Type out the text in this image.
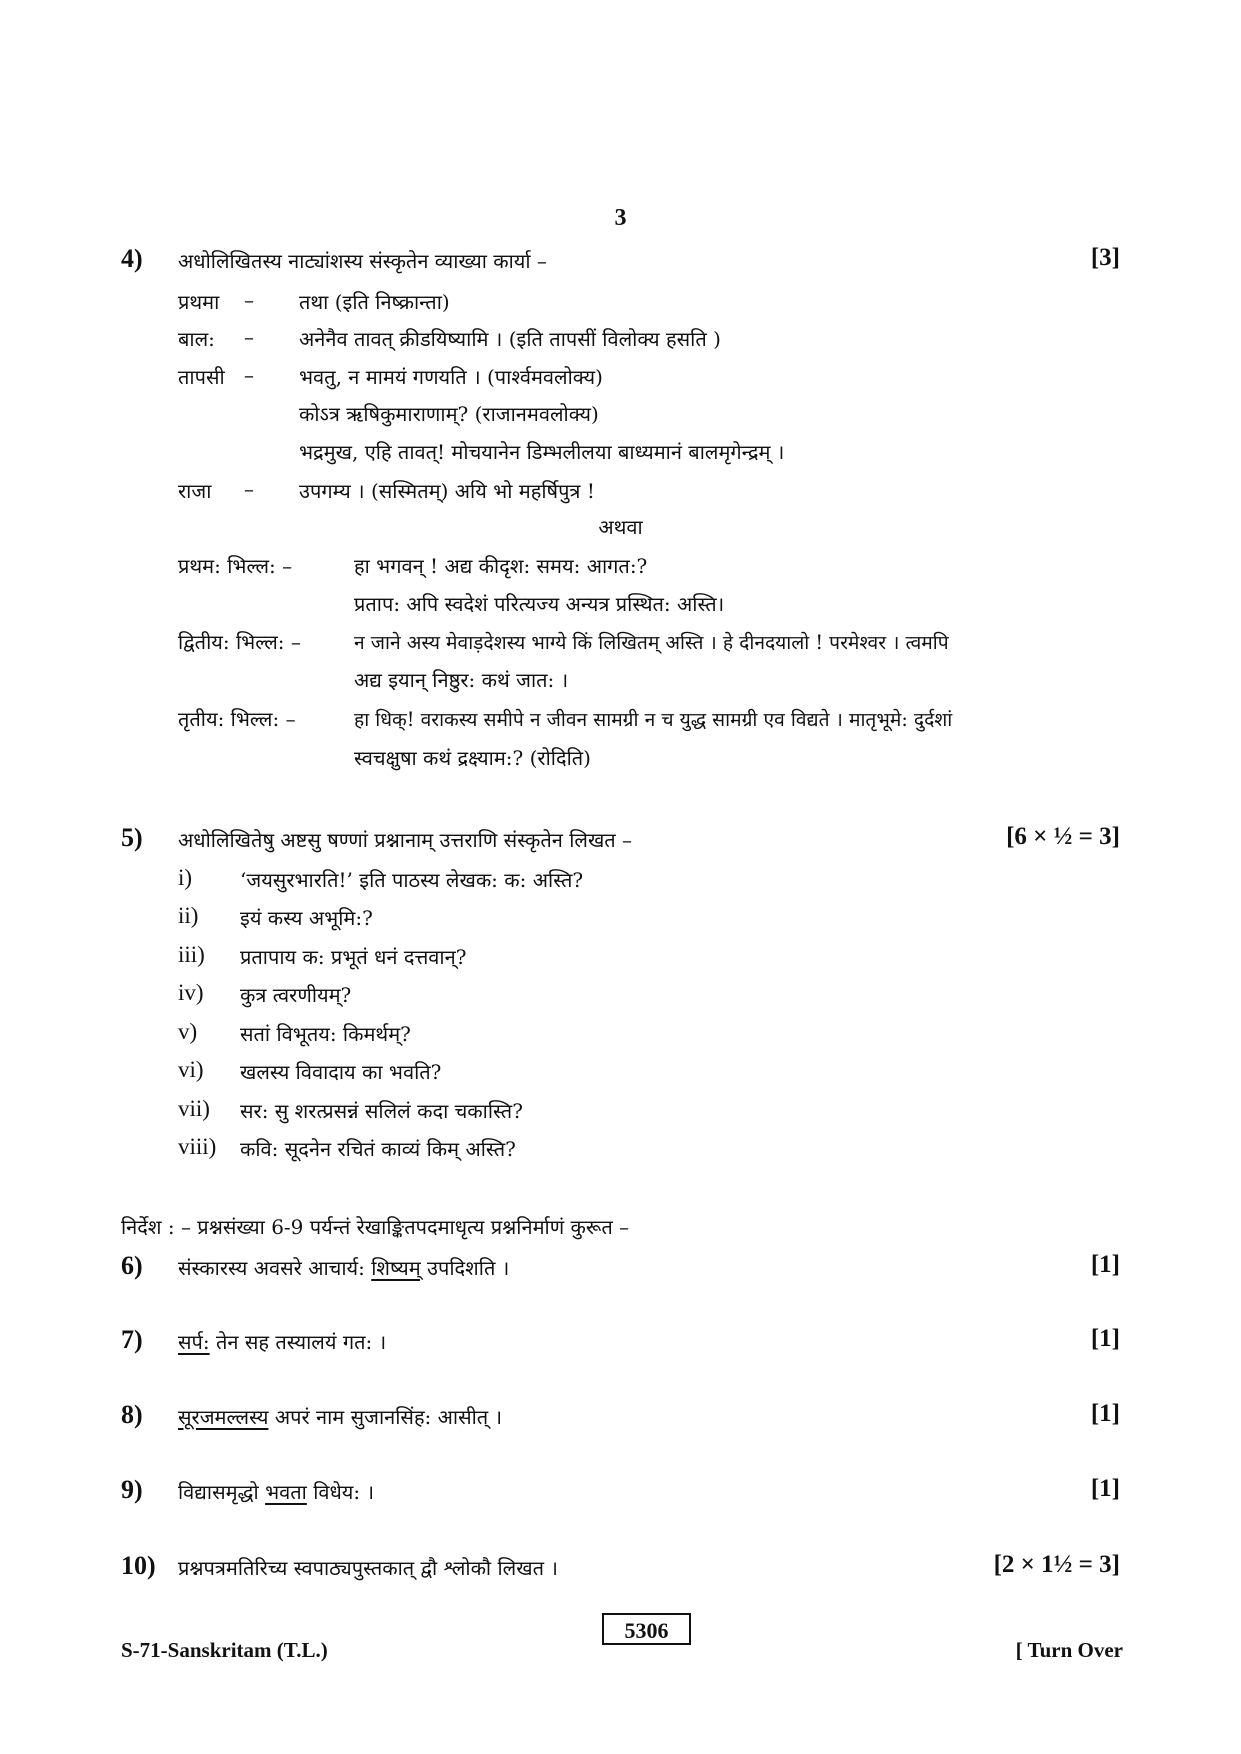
3
4) अधोलिखितस्य नाट्यांशस्य संस्कृतेन व्याख्या कार्या –	[3]
प्रथमा – तथा (इति निष्क्रान्ता)
बाल: – अनेनैव तावत् क्रीडयिष्यामि । (इति तापसीं विलोक्य हसति )
तापसी – भवतु, न मामयं गणयति । (पार्श्वमवलोक्य)
कोऽत्र ऋषिकुमाराणाम्? (राजानमवलोक्य)
भद्रमुख, एहि तावत्! मोचयानेन डिम्भलीलया बाध्यमानं बालमृगेन्द्रम् ।
राजा – उपगम्य । (सस्मितम्) अयि भो महर्षिपुत्र !
अथवा
प्रथम: भिल्ल: –	हा भगवन् ! अद्य कीदृश: समय: आगत:?
प्रताप: अपि स्वदेशं परित्यज्य अन्यत्र प्रस्थित: अस्ति।
द्वितीय: भिल्ल: –	न जाने अस्य मेवाड़देशस्य भाग्ये किं लिखितम् अस्ति । हे दीनदयालो ! परमेश्वर । त्वमपि
अद्य इयान् निष्ठुर: कथं जात: ।
तृतीय: भिल्ल: –	हा धिक्! वराकस्य समीपे न जीवन सामग्री न च युद्ध सामग्री एव विद्यते । मातृभूमे: दुर्दशां
स्वचक्षुषा कथं द्रक्ष्याम:? (रोदिति)
5) अधोलिखितेषु अष्टसु षण्णां प्रश्नानाम् उत्तराणि संस्कृतेन लिखत –	[6 × ½ = 3]
i) ‘जयसुरभारति!’ इति पाठस्य लेखक: क: अस्ति?
ii) इयं कस्य अभूमि:?
iii) प्रतापाय क: प्रभूतं धनं दत्तवान्?
iv) कुत्र त्वरणीयम्?
v) सतां विभूतय: किमर्थम्?
vi) खलस्य विवादाय का भवति?
vii) सर: सु शरत्प्रसन्नं सलिलं कदा चकास्ति?
viii) कवि: सूदनेन रचितं काव्यं किम् अस्ति?
निर्देश : – प्रश्नसंख्या 6-9 पर्यन्तं रेखाङ्कितपदमाधृत्य प्रश्ननिर्माणं कुरूत –
6) संस्कारस्य अवसरे आचार्य: शिष्यम् उपदिशति ।	[1]
7) सर्प: तेन सह तस्यालयं गत: ।	[1]
8) सूरजमल्लस्य अपरं नाम सुजानसिंह: आसीत् ।	[1]
9) विद्यासमृद्धो भवता विधेय: ।	[1]
10) प्रश्नपत्रमतिरिच्य स्वपाठ्यपुस्तकात् द्वौ श्लोकौ लिखत ।	[2 × 1½ = 3]
S-71-Sanskritam (T.L.)
5306
[ Turn Over
